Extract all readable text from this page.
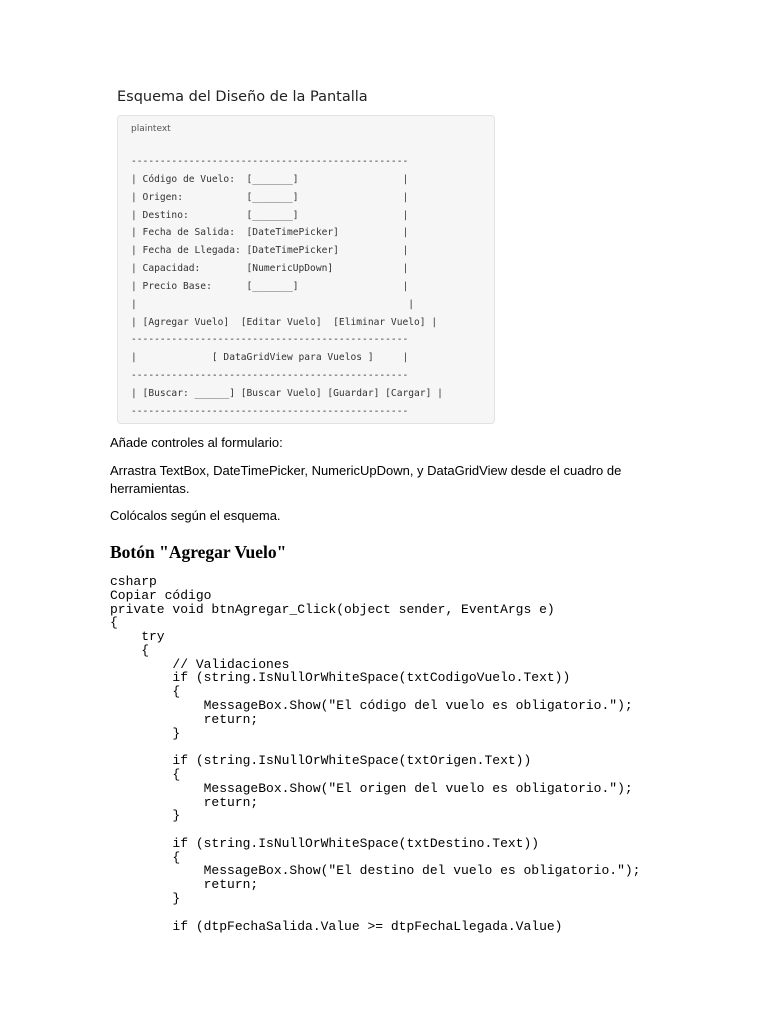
Esquema del Diseño de la Pantalla
plaintext
------------------------------------------------
| Código de Vuelo:  [_______]                  |
| Origen:           [_______]                  |
| Destino:          [_______]                  |
| Fecha de Salida:  [DateTimePicker]           |
| Fecha de Llegada: [DateTimePicker]           |
| Capacidad:        [NumericUpDown]            |
| Precio Base:      [_______]                  |
|                                               |
| [Agregar Vuelo]  [Editar Vuelo]  [Eliminar Vuelo] |
------------------------------------------------
|             [ DataGridView para Vuelos ]     |
------------------------------------------------
| [Buscar: ______] [Buscar Vuelo] [Guardar] [Cargar] |
------------------------------------------------

Añade controles al formulario:

Arrastra TextBox, DateTimePicker, NumericUpDown, y DataGridView desde el cuadro de herramientas.

Colócalos según el esquema.

Botón "Agregar Vuelo"
csharp
Copiar código
private void btnAgregar_Click(object sender, EventArgs e)
{
try
{
// Validaciones
if (string.IsNullOrWhiteSpace(txtCodigoVuelo.Text))
{
MessageBox.Show("El código del vuelo es obligatorio.");
return;
}

if (string.IsNullOrWhiteSpace(txtOrigen.Text))
{
MessageBox.Show("El origen del vuelo es obligatorio.");
return;
}

if (string.IsNullOrWhiteSpace(txtDestino.Text))
{
MessageBox.Show("El destino del vuelo es obligatorio.");
return;
}

if (dtpFechaSalida.Value >= dtpFechaLlegada.Value)
